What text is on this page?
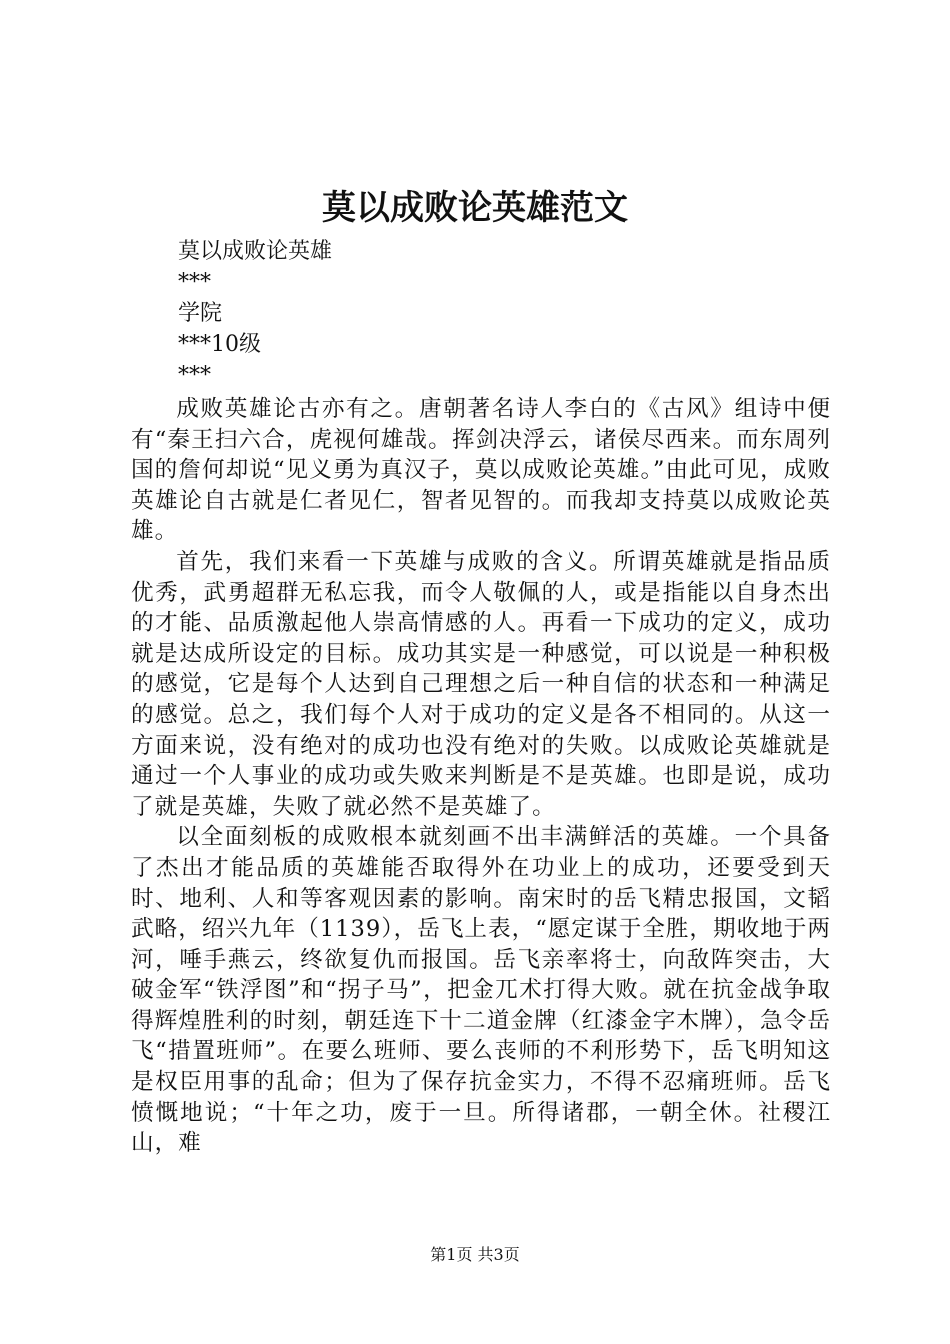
莫以成败论英雄范文
莫以成败论英雄
***
学院
***10级
***

成败英雄论古亦有之。唐朝著名诗人李白的《古风》组诗中便有“秦王扫六合，虎视何雄哉。挥剑决浮云，诸侯尽西来。而东周列国的詹何却说“见义勇为真汉子，莫以成败论英雄。”由此可见，成败英雄论自古就是仁者见仁，智者见智的。而我却支持莫以成败论英雄。

首先，我们来看一下英雄与成败的含义。所谓英雄就是指品质优秀，武勇超群无私忘我，而令人敬佩的人，或是指能以自身杰出的才能、品质激起他人崇高情感的人。再看一下成功的定义，成功就是达成所设定的目标。成功其实是一种感觉，可以说是一种积极的感觉，它是每个人达到自己理想之后一种自信的状态和一种满足的感觉。总之，我们每个人对于成功的定义是各不相同的。从这一方面来说，没有绝对的成功也没有绝对的失败。以成败论英雄就是通过一个人事业的成功或失败来判断是不是英雄。也即是说，成功了就是英雄，失败了就必然不是英雄了。

以全面刻板的成败根本就刻画不出丰满鲜活的英雄。一个具备了杰出才能品质的英雄能否取得外在功业上的成功，还要受到天时、地利、人和等客观因素的影响。南宋时的岳飞精忠报国，文韬武略，绍兴九年（1139），岳飞上表，“愿定谋于全胜，期收地于两河，唾手燕云，终欲复仇而报国。岳飞亲率将士，向敌阵突击，大破金军“铁浮图”和“拐子马”，把金兀术打得大败。就在抗金战争取得辉煌胜利的时刻，朝廷连下十二道金牌（红漆金字木牌），急令岳飞“措置班师”。在要么班师、要么丧师的不利形势下，岳飞明知这是权臣用事的乱命；但为了保存抗金实力，不得不忍痛班师。岳飞愤慨地说；“十年之功，废于一旦。所得诸郡，一朝全休。社稷江山，难

第1页 共3页
